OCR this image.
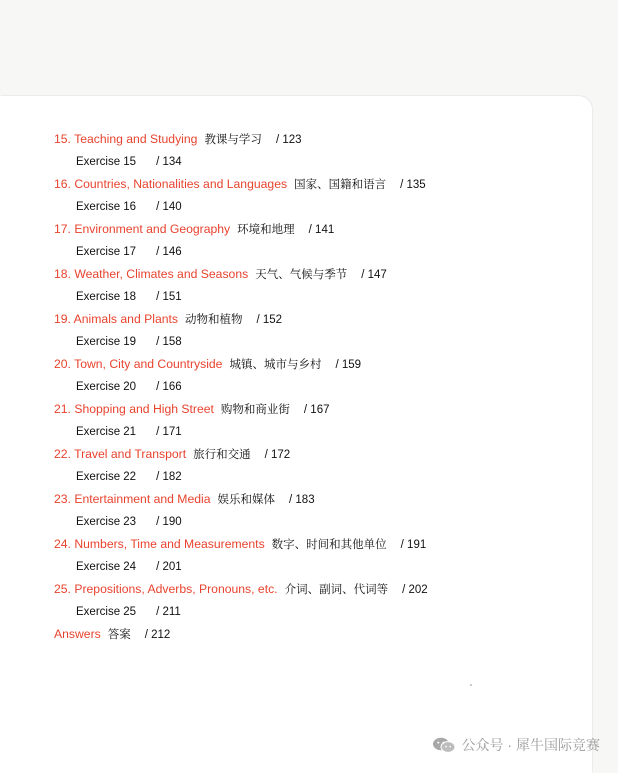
15. Teaching and Studying 教课与学习 / 123
Exercise 15 / 134
16. Countries, Nationalities and Languages 国家、国籍和语言 / 135
Exercise 16 / 140
17. Environment and Geography 环境和地理 / 141
Exercise 17 / 146
18. Weather, Climates and Seasons 天气、气候与季节 / 147
Exercise 18 / 151
19. Animals and Plants 动物和植物 / 152
Exercise 19 / 158
20. Town, City and Countryside 城镇、城市与乡村 / 159
Exercise 20 / 166
21. Shopping and High Street 购物和商业街 / 167
Exercise 21 / 171
22. Travel and Transport 旅行和交通 / 172
Exercise 22 / 182
23. Entertainment and Media 娱乐和媒体 / 183
Exercise 23 / 190
24. Numbers, Time and Measurements 数字、时间和其他单位 / 191
Exercise 24 / 201
25. Prepositions, Adverbs, Pronouns, etc. 介词、副词、代词等 / 202
Exercise 25 / 211
Answers 答案 / 212
公众号 · 犀牛国际竞赛
